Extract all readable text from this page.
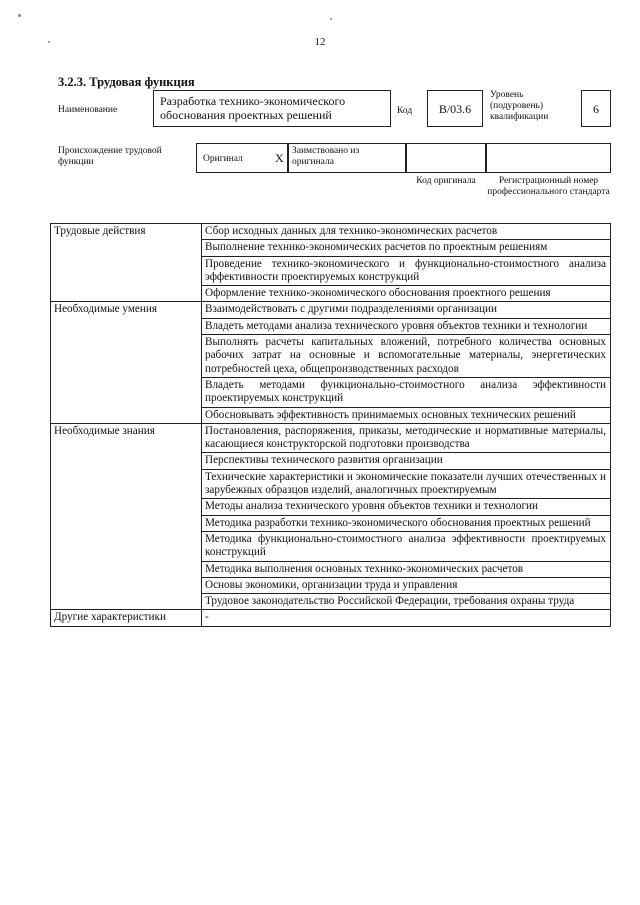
12
3.2.3. Трудовая функция
Наименование
Разработка технико-экономического обоснования проектных решений	Код В/03.6
Уровень (подуровень) квалификации
6
Происхождение трудовой функции	Оригинал	X Заимствовано из оригинала
Код оригинала	Регистрационный номер профессионального стандарта
Трудовые действия	Сбор исходных данных для технико-экономических расчетов
	Выполнение технико-экономических расчетов по проектным решениям
	Проведение технико-экономического и функционально-стоимостного анализа эффективности проектируемых конструкций
	Оформление технико-экономического обоснования проектного решения
Необходимые умения	Взаимодействовать с другими подразделениями организации
	Владеть методами анализа технического уровня объектов техники и технологии
	Выполнять расчеты капитальных вложений, потребного количества основных рабочих затрат на основные и вспомогательные материалы, энергетических потребностей цеха, общепроизводственных расходов
	Владеть методами функционально-стоимостного анализа эффективности проектируемых конструкций
	Обосновывать эффективность принимаемых основных технических решений
Необходимые знания	Постановления, распоряжения, приказы, методические и нормативные материалы, касающиеся конструкторской подготовки производства
	Перспективы технического развития организации
	Технические характеристики и экономические показатели лучших отечественных и зарубежных образцов изделий, аналогичных проектируемым
	Методы анализа технического уровня объектов техники и технологии
	Методика разработки технико-экономического обоснования проектных решений
	Методика функционально-стоимостного анализа эффективности проектируемых конструкций
	Методика выполнения основных технико-экономических расчетов
	Основы экономики, организации труда и управления
	Трудовое законодательство Российской Федерации, требования охраны труда
Другие характеристики	-
